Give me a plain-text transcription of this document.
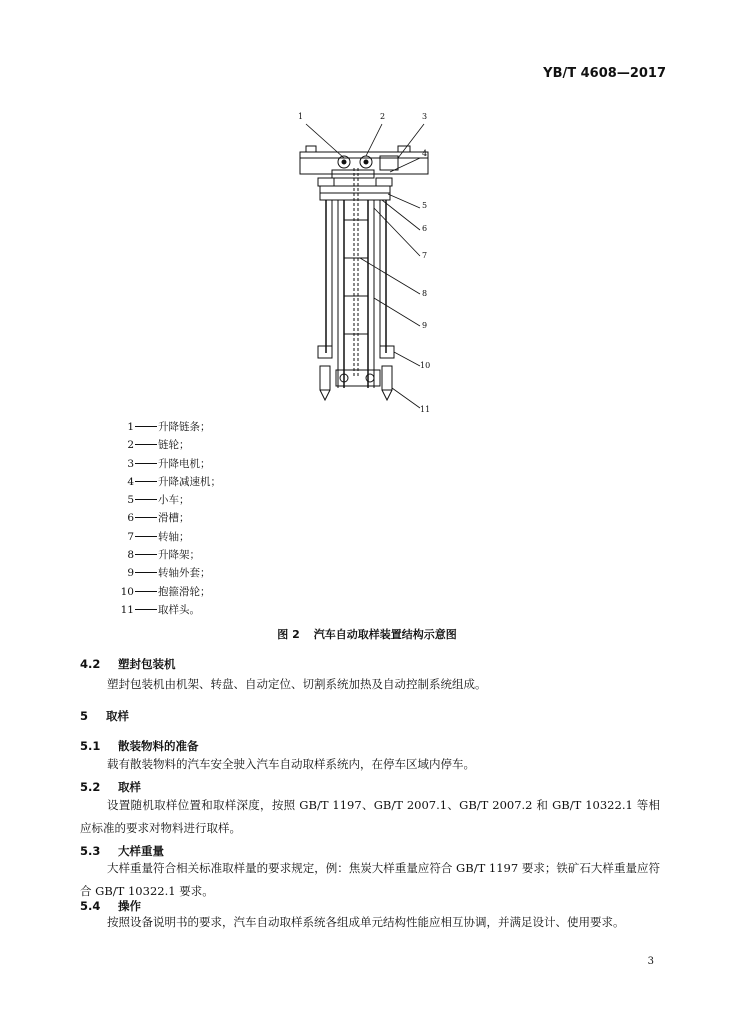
YB/T 4608—2017
1	2	3
4
5
6
7
8
9
10
11
1 升降链条；
2 链轮；
3 升降电机；
4 升降减速机；
5 小车；
6 滑槽；
7 转轴；
8 升降架；
9 转轴外套；
10 抱箍滑轮；
11 取样头。
图 2 汽车自动取样装置结构示意图
4.2 塑封包装机
塑封包装机由机架、转盘、自动定位、切割系统加热及自动控制系统组成。
5 取样
5.1 散装物料的准备
载有散装物料的汽车安全驶入汽车自动取样系统内，在停车区域内停车。
5.2 取样
设置随机取样位置和取样深度，按照 GB/T 1197、GB/T 2007.1、GB/T 2007.2 和 GB/T 10322.1 等相应标准的要求对物料进行取样。
5.3 大样重量
大样重量符合相关标准取样量的要求规定，例：焦炭大样重量应符合 GB/T 1197 要求；铁矿石大样重量应符合 GB/T 10322.1 要求。
5.4 操作
按照设备说明书的要求，汽车自动取样系统各组成单元结构性能应相互协调，并满足设计、使用要求。
3
